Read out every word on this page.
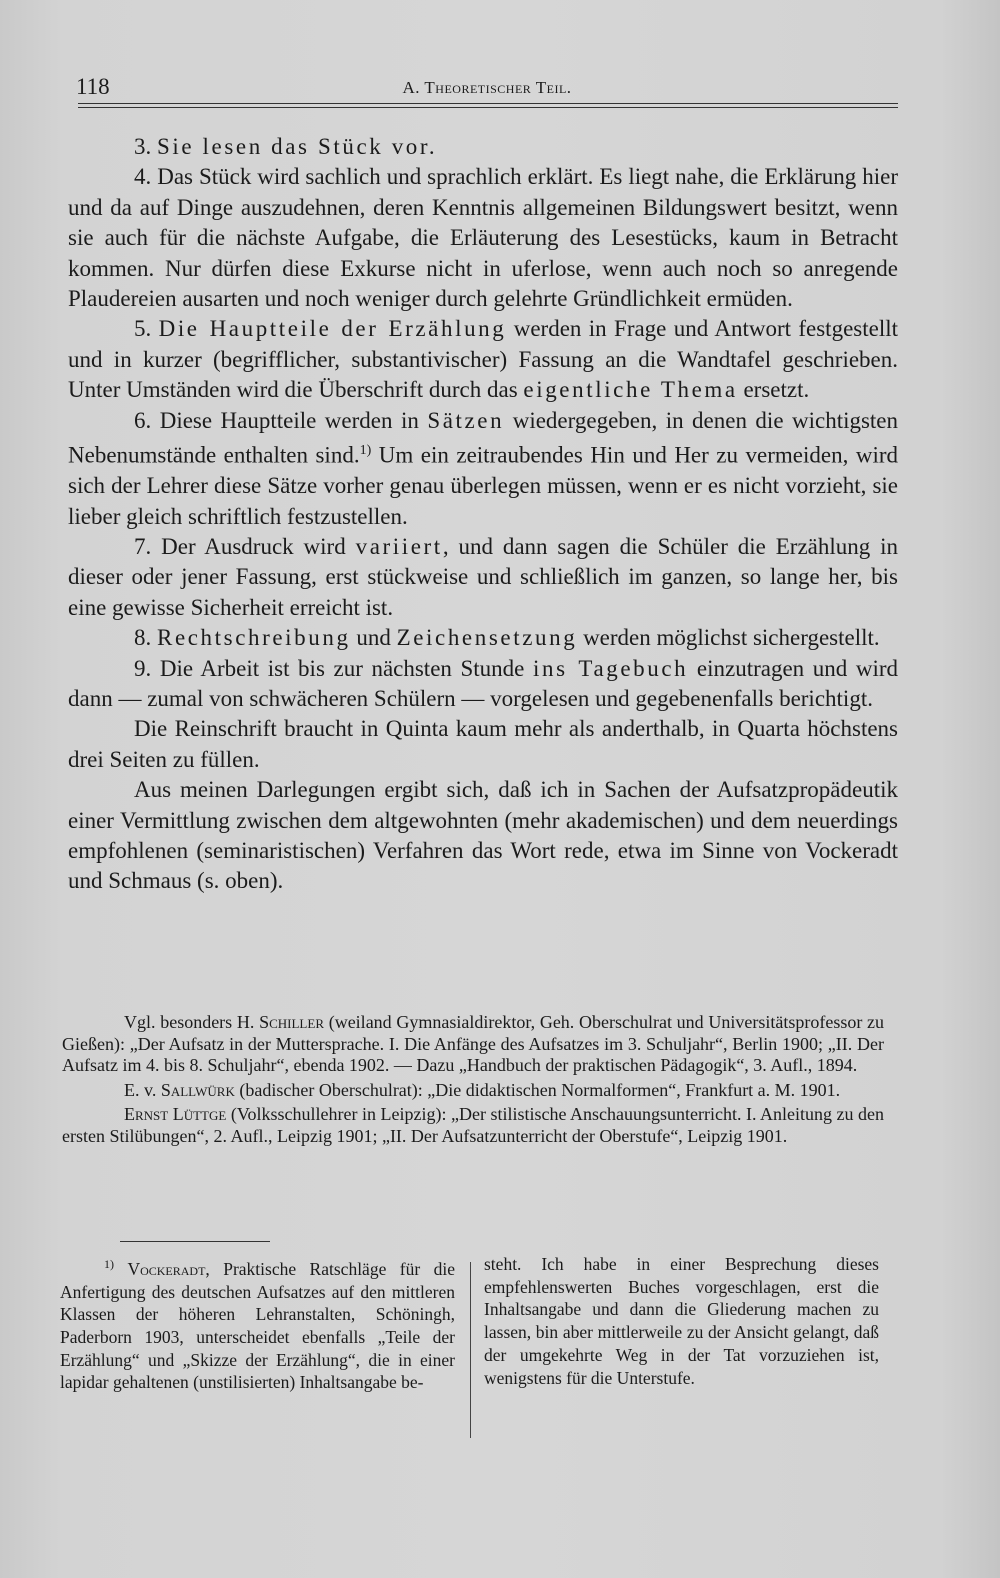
118	A. Theoretischer Teil.

3. Sie lesen das Stück vor.

4. Das Stück wird sachlich und sprachlich erklärt. Es liegt nahe, die Erklärung hier und da auf Dinge auszudehnen, deren Kenntnis allgemeinen Bildungswert besitzt, wenn sie auch für die nächste Aufgabe, die Erläuterung des Lesestücks, kaum in Betracht kommen. Nur dürfen diese Exkurse nicht in uferlose, wenn auch noch so anregende Plaudereien ausarten und noch weniger durch gelehrte Gründlichkeit ermüden.

5. Die Hauptteile der Erzählung werden in Frage und Antwort festgestellt und in kurzer (begrifflicher, substantivischer) Fassung an die Wandtafel geschrieben. Unter Umständen wird die Überschrift durch das eigentliche Thema ersetzt.

6. Diese Hauptteile werden in Sätzen wiedergegeben, in denen die wichtigsten Nebenumstände enthalten sind.$^{1)}$ Um ein zeitraubendes Hin und Her zu vermeiden, wird sich der Lehrer diese Sätze vorher genau überlegen müssen, wenn er es nicht vorzieht, sie lieber gleich schriftlich festzustellen.

7. Der Ausdruck wird variiert, und dann sagen die Schüler die Erzählung in dieser oder jener Fassung, erst stückweise und schließlich im ganzen, so lange her, bis eine gewisse Sicherheit erreicht ist.

8. Rechtschreibung und Zeichensetzung werden möglichst sichergestellt.

9. Die Arbeit ist bis zur nächsten Stunde ins Tagebuch einzutragen und wird dann — zumal von schwächeren Schülern — vorgelesen und gegebenenfalls berichtigt.

Die Reinschrift braucht in Quinta kaum mehr als anderthalb, in Quarta höchstens drei Seiten zu füllen.

Aus meinen Darlegungen ergibt sich, daß ich in Sachen der Aufsatzpropädeutik einer Vermittlung zwischen dem altgewohnten (mehr akademischen) und dem neuerdings empfohlenen (seminaristischen) Verfahren das Wort rede, etwa im Sinne von Vockeradt und Schmaus (s. oben).

Vgl. besonders H. Schiller (weiland Gymnasialdirektor, Geh. Oberschulrat und Universitätsprofessor zu Gießen): „Der Aufsatz in der Muttersprache. I. Die Anfänge des Aufsatzes im 3. Schuljahr“, Berlin 1900; „II. Der Aufsatz im 4. bis 8. Schuljahr“, ebenda 1902. — Dazu „Handbuch der praktischen Pädagogik“, 3. Aufl., 1894.

E. v. Sallwürk (badischer Oberschulrat): „Die didaktischen Normalformen“, Frankfurt a. M. 1901.

Ernst Lüttge (Volksschullehrer in Leipzig): „Der stilistische Anschauungsunterricht. I. Anleitung zu den ersten Stilübungen“, 2. Aufl., Leipzig 1901; „II. Der Aufsatzunterricht der Oberstufe“, Leipzig 1901.

$^{1)}$ Vockeradt, Praktische Ratschläge für die Anfertigung des deutschen Aufsatzes auf den mittleren Klassen der höheren Lehranstalten, Schöningh, Paderborn 1903, unterscheidet ebenfalls „Teile der Erzählung“ und „Skizze der Erzählung“, die in einer lapidar gehaltenen (unstilisierten) Inhaltsangabe be-

steht. Ich habe in einer Besprechung dieses empfehlenswerten Buches vorgeschlagen, erst die Inhaltsangabe und dann die Gliederung machen zu lassen, bin aber mittlerweile zu der Ansicht gelangt, daß der umgekehrte Weg in der Tat vorzuziehen ist, wenigstens für die Unterstufe.
